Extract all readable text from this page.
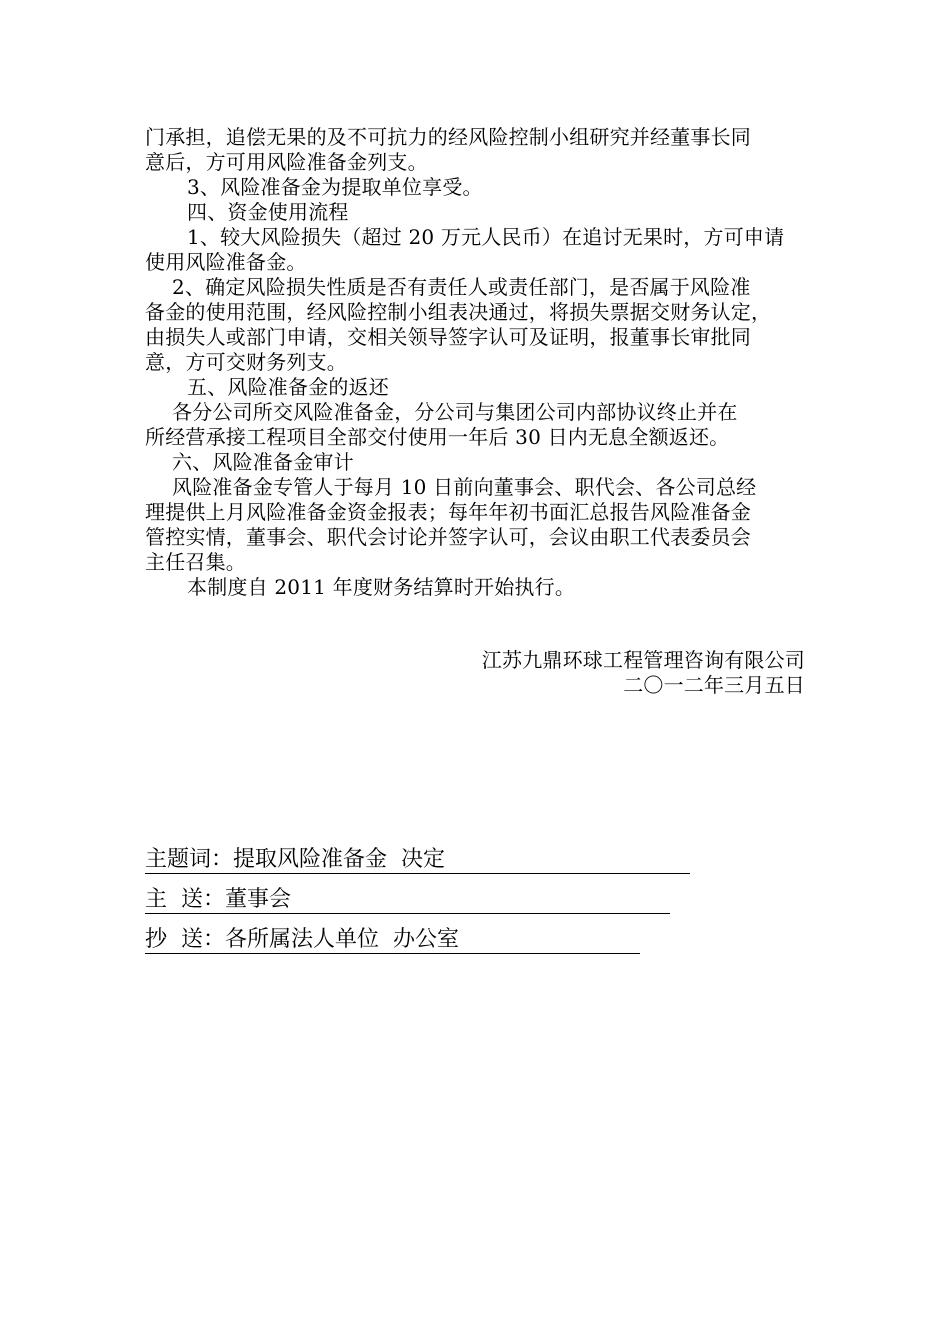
门承担，追偿无果的及不可抗力的经风险控制小组研究并经董事长同
意后，方可用风险准备金列支。
3、风险准备金为提取单位享受。
四、资金使用流程
1、较大风险损失（超过 20 万元人民币）在追讨无果时，方可申请
使用风险准备金。
2、确定风险损失性质是否有责任人或责任部门，是否属于风险准
备金的使用范围，经风险控制小组表决通过，将损失票据交财务认定，
由损失人或部门申请，交相关领导签字认可及证明，报董事长审批同
意，方可交财务列支。
五、风险准备金的返还
各分公司所交风险准备金，分公司与集团公司内部协议终止并在
所经营承接工程项目全部交付使用一年后 30 日内无息全额返还。
六、风险准备金审计
风险准备金专管人于每月 10 日前向董事会、职代会、各公司总经
理提供上月风险准备金资金报表；每年年初书面汇总报告风险准备金
管控实情，董事会、职代会讨论并签字认可，会议由职工代表委员会
主任召集。
本制度自 2011 年度财务结算时开始执行。
江苏九鼎环球工程管理咨询有限公司
二〇一二年三月五日
主题词：提取风险准备金  决定
主  送：董事会
抄  送：各所属法人单位  办公室
